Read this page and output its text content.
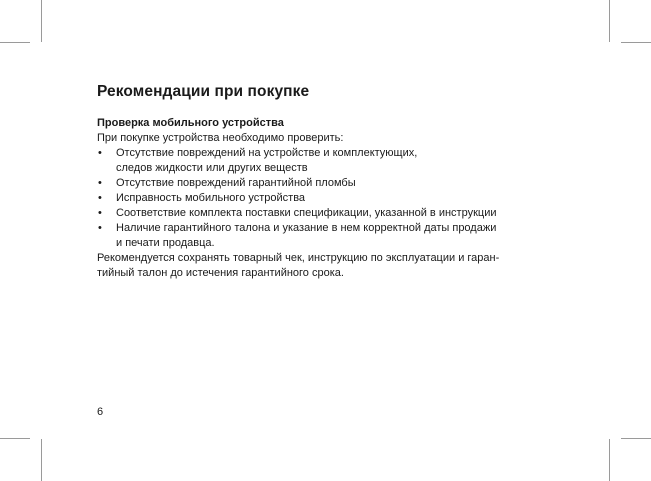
Рекомендации при покупке
Проверка мобильного устройства
При покупке устройства необходимо проверить:
• Отсутствие повреждений на устройстве и комплектующих,
следов жидкости или других веществ
• Отсутствие повреждений гарантийной пломбы
• Исправность мобильного устройства
• Соответствие комплекта поставки спецификации, указанной в инструкции
• Наличие гарантийного талона и указание в нем корректной даты продажи
и печати продавца.
Рекомендуется сохранять товарный чек, инструкцию по эксплуатации и гаран-
тийный талон до истечения гарантийного срока.
6
